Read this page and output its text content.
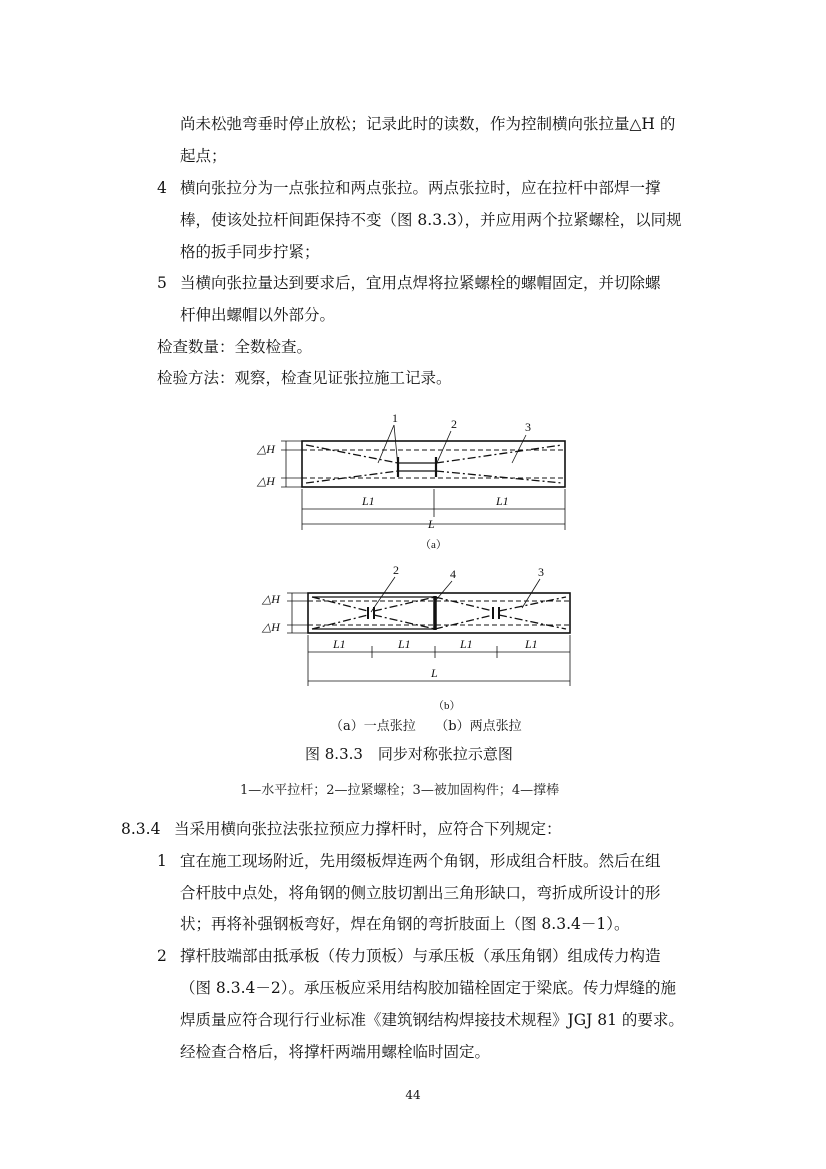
尚未松弛弯垂时停止放松；记录此时的读数，作为控制横向张拉量△H 的
起点；
4 横向张拉分为一点张拉和两点张拉。两点张拉时，应在拉杆中部焊一撑
棒，使该处拉杆间距保持不变（图 8.3.3），并应用两个拉紧螺栓，以同规
格的扳手同步拧紧；
5 当横向张拉量达到要求后，宜用点焊将拉紧螺栓的螺帽固定，并切除螺
杆伸出螺帽以外部分。
检查数量：全数检查。
检验方法：观察，检查见证张拉施工记录。
1	2	3
△H
△H
L1	L1
L
（a）
2	4	3
△H
△H
L1	L1	L1	L1
L
（b）
（a）一点张拉　　（b）两点张拉
图 8.3.3　同步对称张拉示意图
1—水平拉杆；2—拉紧螺栓；3—被加固构件；4—撑棒
8.3.4 当采用横向张拉法张拉预应力撑杆时，应符合下列规定：
1 宜在施工现场附近，先用缀板焊连两个角钢，形成组合杆肢。然后在组
合杆肢中点处，将角钢的侧立肢切割出三角形缺口，弯折成所设计的形
状；再将补强钢板弯好，焊在角钢的弯折肢面上（图 8.3.4－1）。
2 撑杆肢端部由抵承板（传力顶板）与承压板（承压角钢）组成传力构造
（图 8.3.4－2）。承压板应采用结构胶加锚栓固定于梁底。传力焊缝的施
焊质量应符合现行行业标准《建筑钢结构焊接技术规程》JGJ 81 的要求。
经检查合格后，将撑杆两端用螺栓临时固定。
44
